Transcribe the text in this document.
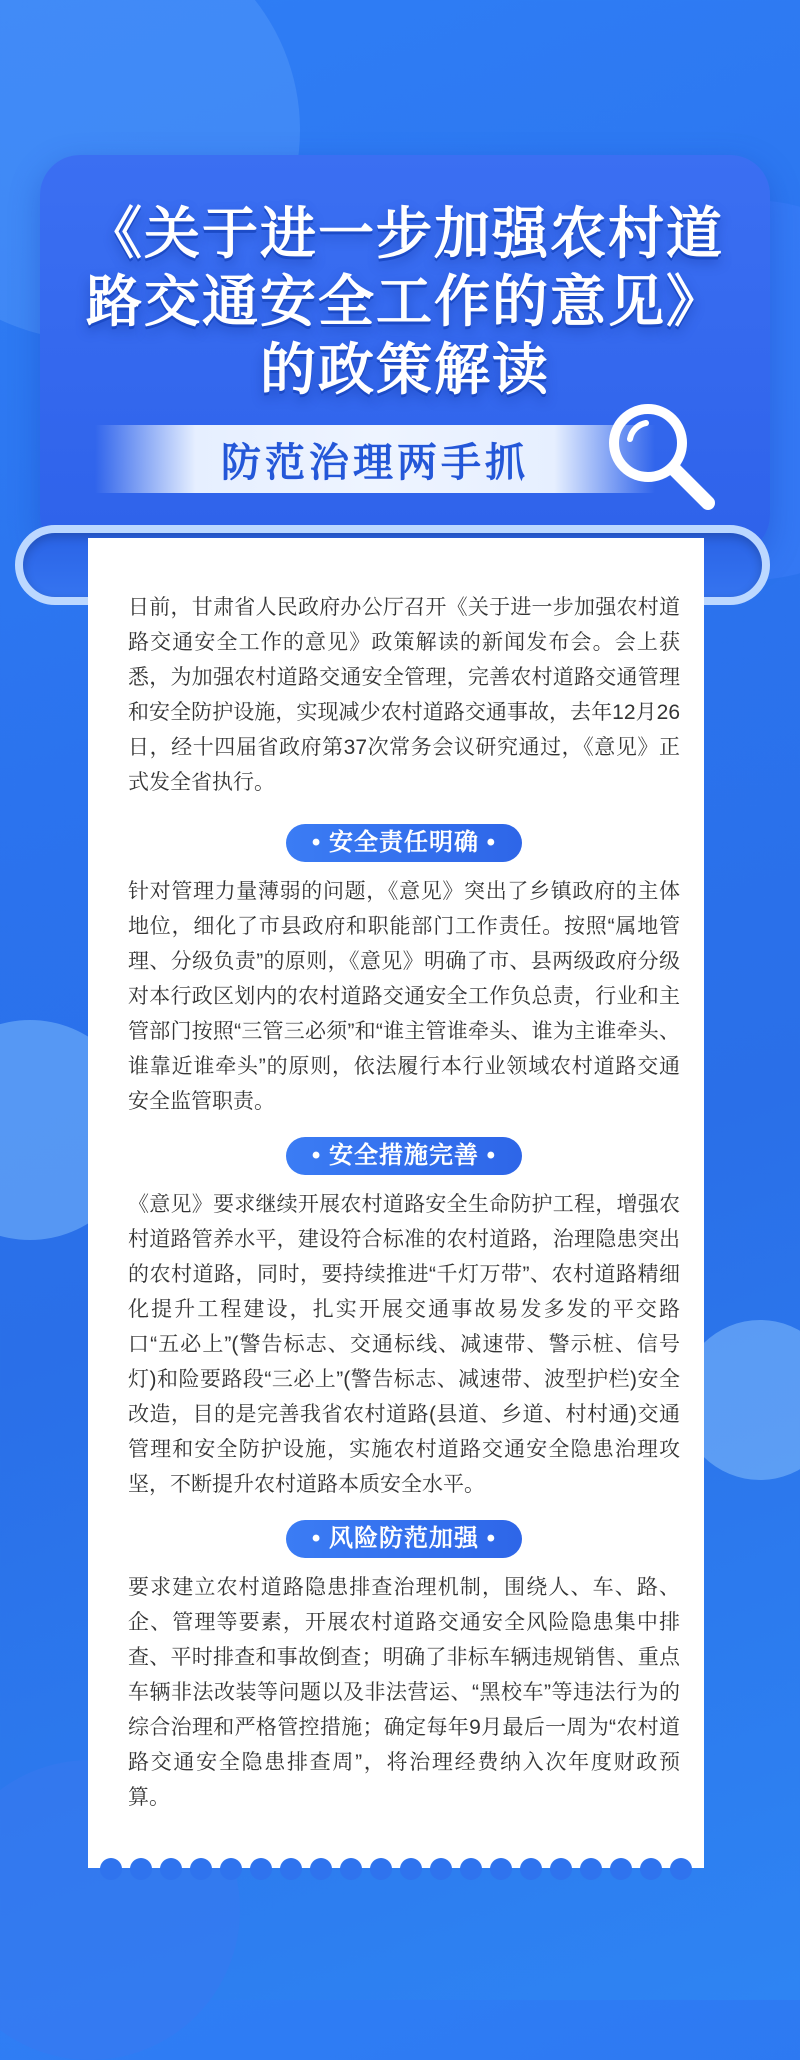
《关于进一步加强农村道路交通安全工作的意见》的政策解读
防范治理两手抓

日前，甘肃省人民政府办公厅召开《关于进一步加强农村道路交通安全工作的意见》政策解读的新闻发布会。会上获悉，为加强农村道路交通安全管理，完善农村道路交通管理和安全防护设施，实现减少农村道路交通事故，去年12月26日，经十四届省政府第37次常务会议研究通过，《意见》正式发全省执行。

• 安全责任明确 •

针对管理力量薄弱的问题，《意见》突出了乡镇政府的主体地位，细化了市县政府和职能部门工作责任。按照“属地管理、分级负责”的原则，《意见》明确了市、县两级政府分级对本行政区划内的农村道路交通安全工作负总责，行业和主管部门按照“三管三必须”和“谁主管谁牵头、谁为主谁牵头、谁靠近谁牵头”的原则，依法履行本行业领域农村道路交通安全监管职责。

• 安全措施完善 •

《意见》要求继续开展农村道路安全生命防护工程，增强农村道路管养水平，建设符合标准的农村道路，治理隐患突出的农村道路，同时，要持续推进“千灯万带”、农村道路精细化提升工程建设，扎实开展交通事故易发多发的平交路口“五必上”(警告标志、交通标线、减速带、警示桩、信号灯)和险要路段“三必上”(警告标志、减速带、波型护栏)安全改造，目的是完善我省农村道路(县道、乡道、村村通)交通管理和安全防护设施，实施农村道路交通安全隐患治理攻坚，不断提升农村道路本质安全水平。

• 风险防范加强 •

要求建立农村道路隐患排查治理机制，围绕人、车、路、企、管理等要素，开展农村道路交通安全风险隐患集中排查、平时排查和事故倒查；明确了非标车辆违规销售、重点车辆非法改装等问题以及非法营运、“黑校车”等违法行为的综合治理和严格管控措施；确定每年9月最后一周为“农村道路交通安全隐患排查周”，将治理经费纳入次年度财政预算。
